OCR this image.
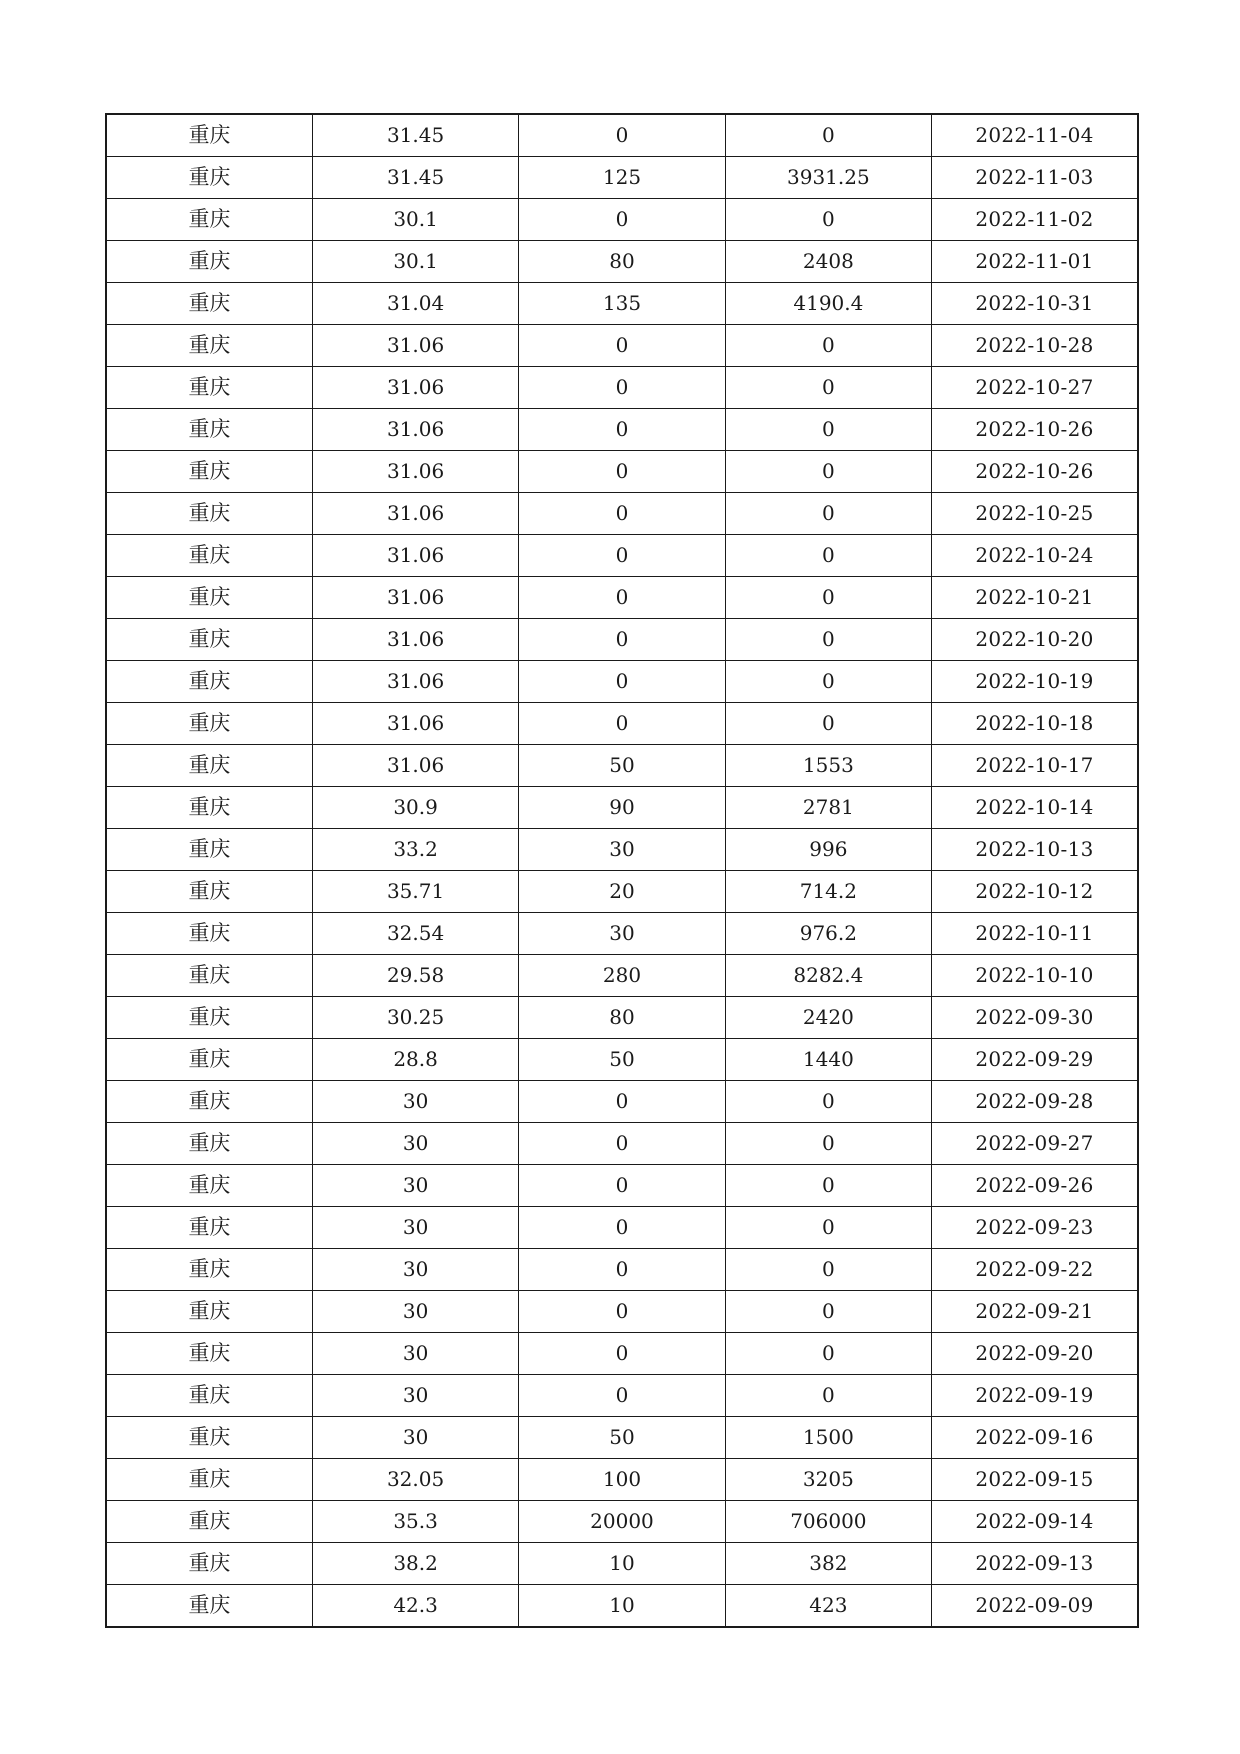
重庆	31.45	0	0	2022-11-04
重庆	31.45	125	3931.25	2022-11-03
重庆	30.1	0	0	2022-11-02
重庆	30.1	80	2408	2022-11-01
重庆	31.04	135	4190.4	2022-10-31
重庆	31.06	0	0	2022-10-28
重庆	31.06	0	0	2022-10-27
重庆	31.06	0	0	2022-10-26
重庆	31.06	0	0	2022-10-26
重庆	31.06	0	0	2022-10-25
重庆	31.06	0	0	2022-10-24
重庆	31.06	0	0	2022-10-21
重庆	31.06	0	0	2022-10-20
重庆	31.06	0	0	2022-10-19
重庆	31.06	0	0	2022-10-18
重庆	31.06	50	1553	2022-10-17
重庆	30.9	90	2781	2022-10-14
重庆	33.2	30	996	2022-10-13
重庆	35.71	20	714.2	2022-10-12
重庆	32.54	30	976.2	2022-10-11
重庆	29.58	280	8282.4	2022-10-10
重庆	30.25	80	2420	2022-09-30
重庆	28.8	50	1440	2022-09-29
重庆	30	0	0	2022-09-28
重庆	30	0	0	2022-09-27
重庆	30	0	0	2022-09-26
重庆	30	0	0	2022-09-23
重庆	30	0	0	2022-09-22
重庆	30	0	0	2022-09-21
重庆	30	0	0	2022-09-20
重庆	30	0	0	2022-09-19
重庆	30	50	1500	2022-09-16
重庆	32.05	100	3205	2022-09-15
重庆	35.3	20000	706000	2022-09-14
重庆	38.2	10	382	2022-09-13
重庆	42.3	10	423	2022-09-09
